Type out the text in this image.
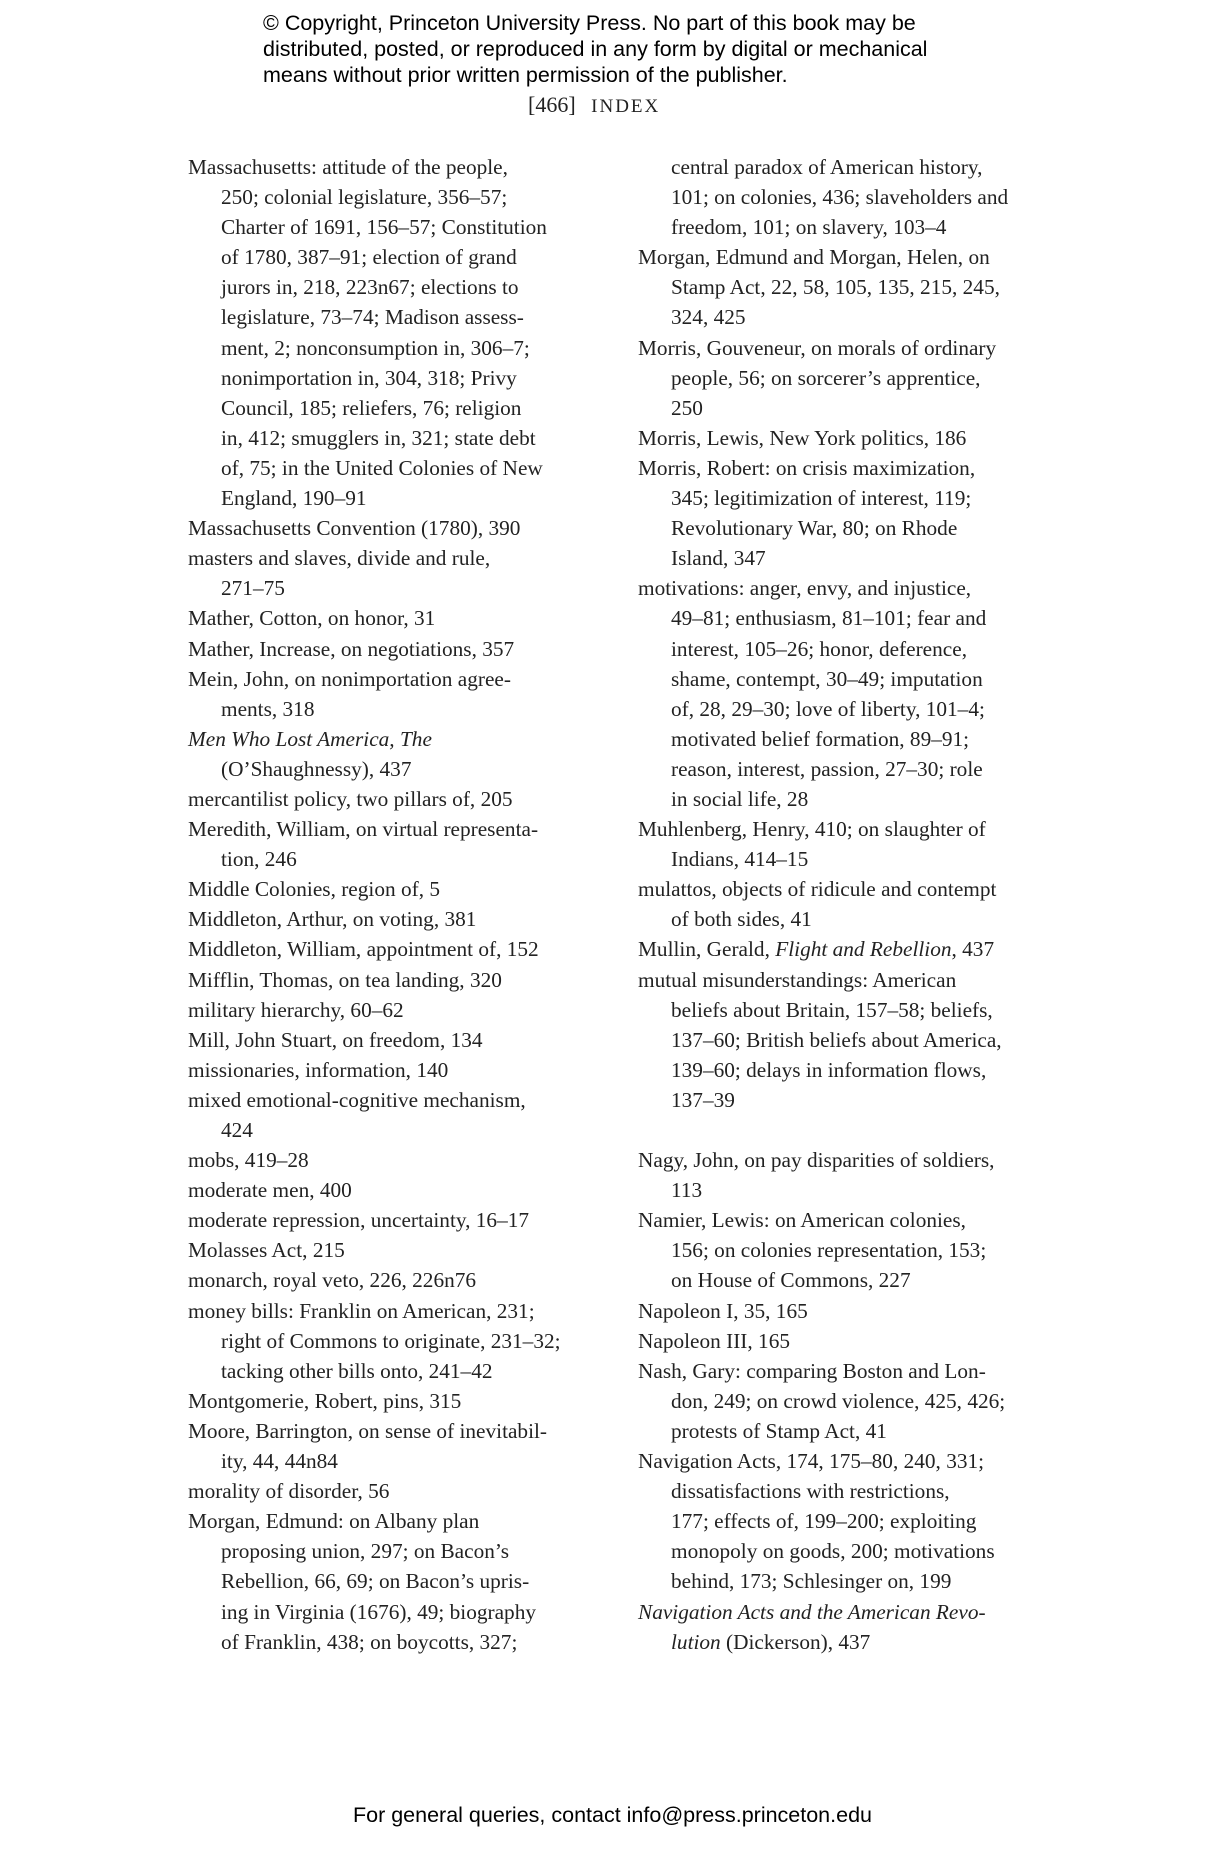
© Copyright, Princeton University Press. No part of this book may be
distributed, posted, or reproduced in any form by digital or mechanical
means without prior written permission of the publisher.
[466] INDEX

Massachusetts: attitude of the people,
250; colonial legislature, 356–57;
Charter of 1691, 156–57; Constitution
of 1780, 387–91; election of grand
jurors in, 218, 223n67; elections to
legislature, 73–74; Madison assess-
ment, 2; nonconsumption in, 306–7;
nonimportation in, 304, 318; Privy
Council, 185; reliefers, 76; religion
in, 412; smugglers in, 321; state debt
of, 75; in the United Colonies of New
England, 190–91

Massachusetts Convention (1780), 390

masters and slaves, divide and rule,
271–75

Mather, Cotton, on honor, 31

Mather, Increase, on negotiations, 357

Mein, John, on nonimportation agree-
ments, 318

Men Who Lost America, The
(O’Shaughnessy), 437

mercantilist policy, two pillars of, 205

Meredith, William, on virtual representa-
tion, 246

Middle Colonies, region of, 5

Middleton, Arthur, on voting, 381

Middleton, William, appointment of, 152

Mifflin, Thomas, on tea landing, 320

military hierarchy, 60–62

Mill, John Stuart, on freedom, 134

missionaries, information, 140

mixed emotional-cognitive mechanism,
424

mobs, 419–28

moderate men, 400

moderate repression, uncertainty, 16–17

Molasses Act, 215

monarch, royal veto, 226, 226n76

money bills: Franklin on American, 231;
right of Commons to originate, 231–32;
tacking other bills onto, 241–42

Montgomerie, Robert, pins, 315

Moore, Barrington, on sense of inevitabil-
ity, 44, 44n84

morality of disorder, 56

Morgan, Edmund: on Albany plan
proposing union, 297; on Bacon’s
Rebellion, 66, 69; on Bacon’s upris-
ing in Virginia (1676), 49; biography
of Franklin, 438; on boycotts, 327;

central paradox of American history,
101; on colonies, 436; slaveholders and
freedom, 101; on slavery, 103–4

Morgan, Edmund and Morgan, Helen, on
Stamp Act, 22, 58, 105, 135, 215, 245,
324, 425

Morris, Gouveneur, on morals of ordinary
people, 56; on sorcerer’s apprentice,
250

Morris, Lewis, New York politics, 186

Morris, Robert: on crisis maximization,
345; legitimization of interest, 119;
Revolutionary War, 80; on Rhode
Island, 347

motivations: anger, envy, and injustice,
49–81; enthusiasm, 81–101; fear and
interest, 105–26; honor, deference,
shame, contempt, 30–49; imputation
of, 28, 29–30; love of liberty, 101–4;
motivated belief formation, 89–91;
reason, interest, passion, 27–30; role
in social life, 28

Muhlenberg, Henry, 410; on slaughter of
Indians, 414–15

mulattos, objects of ridicule and contempt
of both sides, 41

Mullin, Gerald, Flight and Rebellion, 437

mutual misunderstandings: American
beliefs about Britain, 157–58; beliefs,
137–60; British beliefs about America,
139–60; delays in information flows,
137–39

Nagy, John, on pay disparities of soldiers,
113

Namier, Lewis: on American colonies,
156; on colonies representation, 153;
on House of Commons, 227

Napoleon I, 35, 165

Napoleon III, 165

Nash, Gary: comparing Boston and Lon-
don, 249; on crowd violence, 425, 426;
protests of Stamp Act, 41

Navigation Acts, 174, 175–80, 240, 331;
dissatisfactions with restrictions,
177; effects of, 199–200; exploiting
monopoly on goods, 200; motivations
behind, 173; Schlesinger on, 199

Navigation Acts and the American Revo-
lution (Dickerson), 437

For general queries, contact info@press.princeton.edu
